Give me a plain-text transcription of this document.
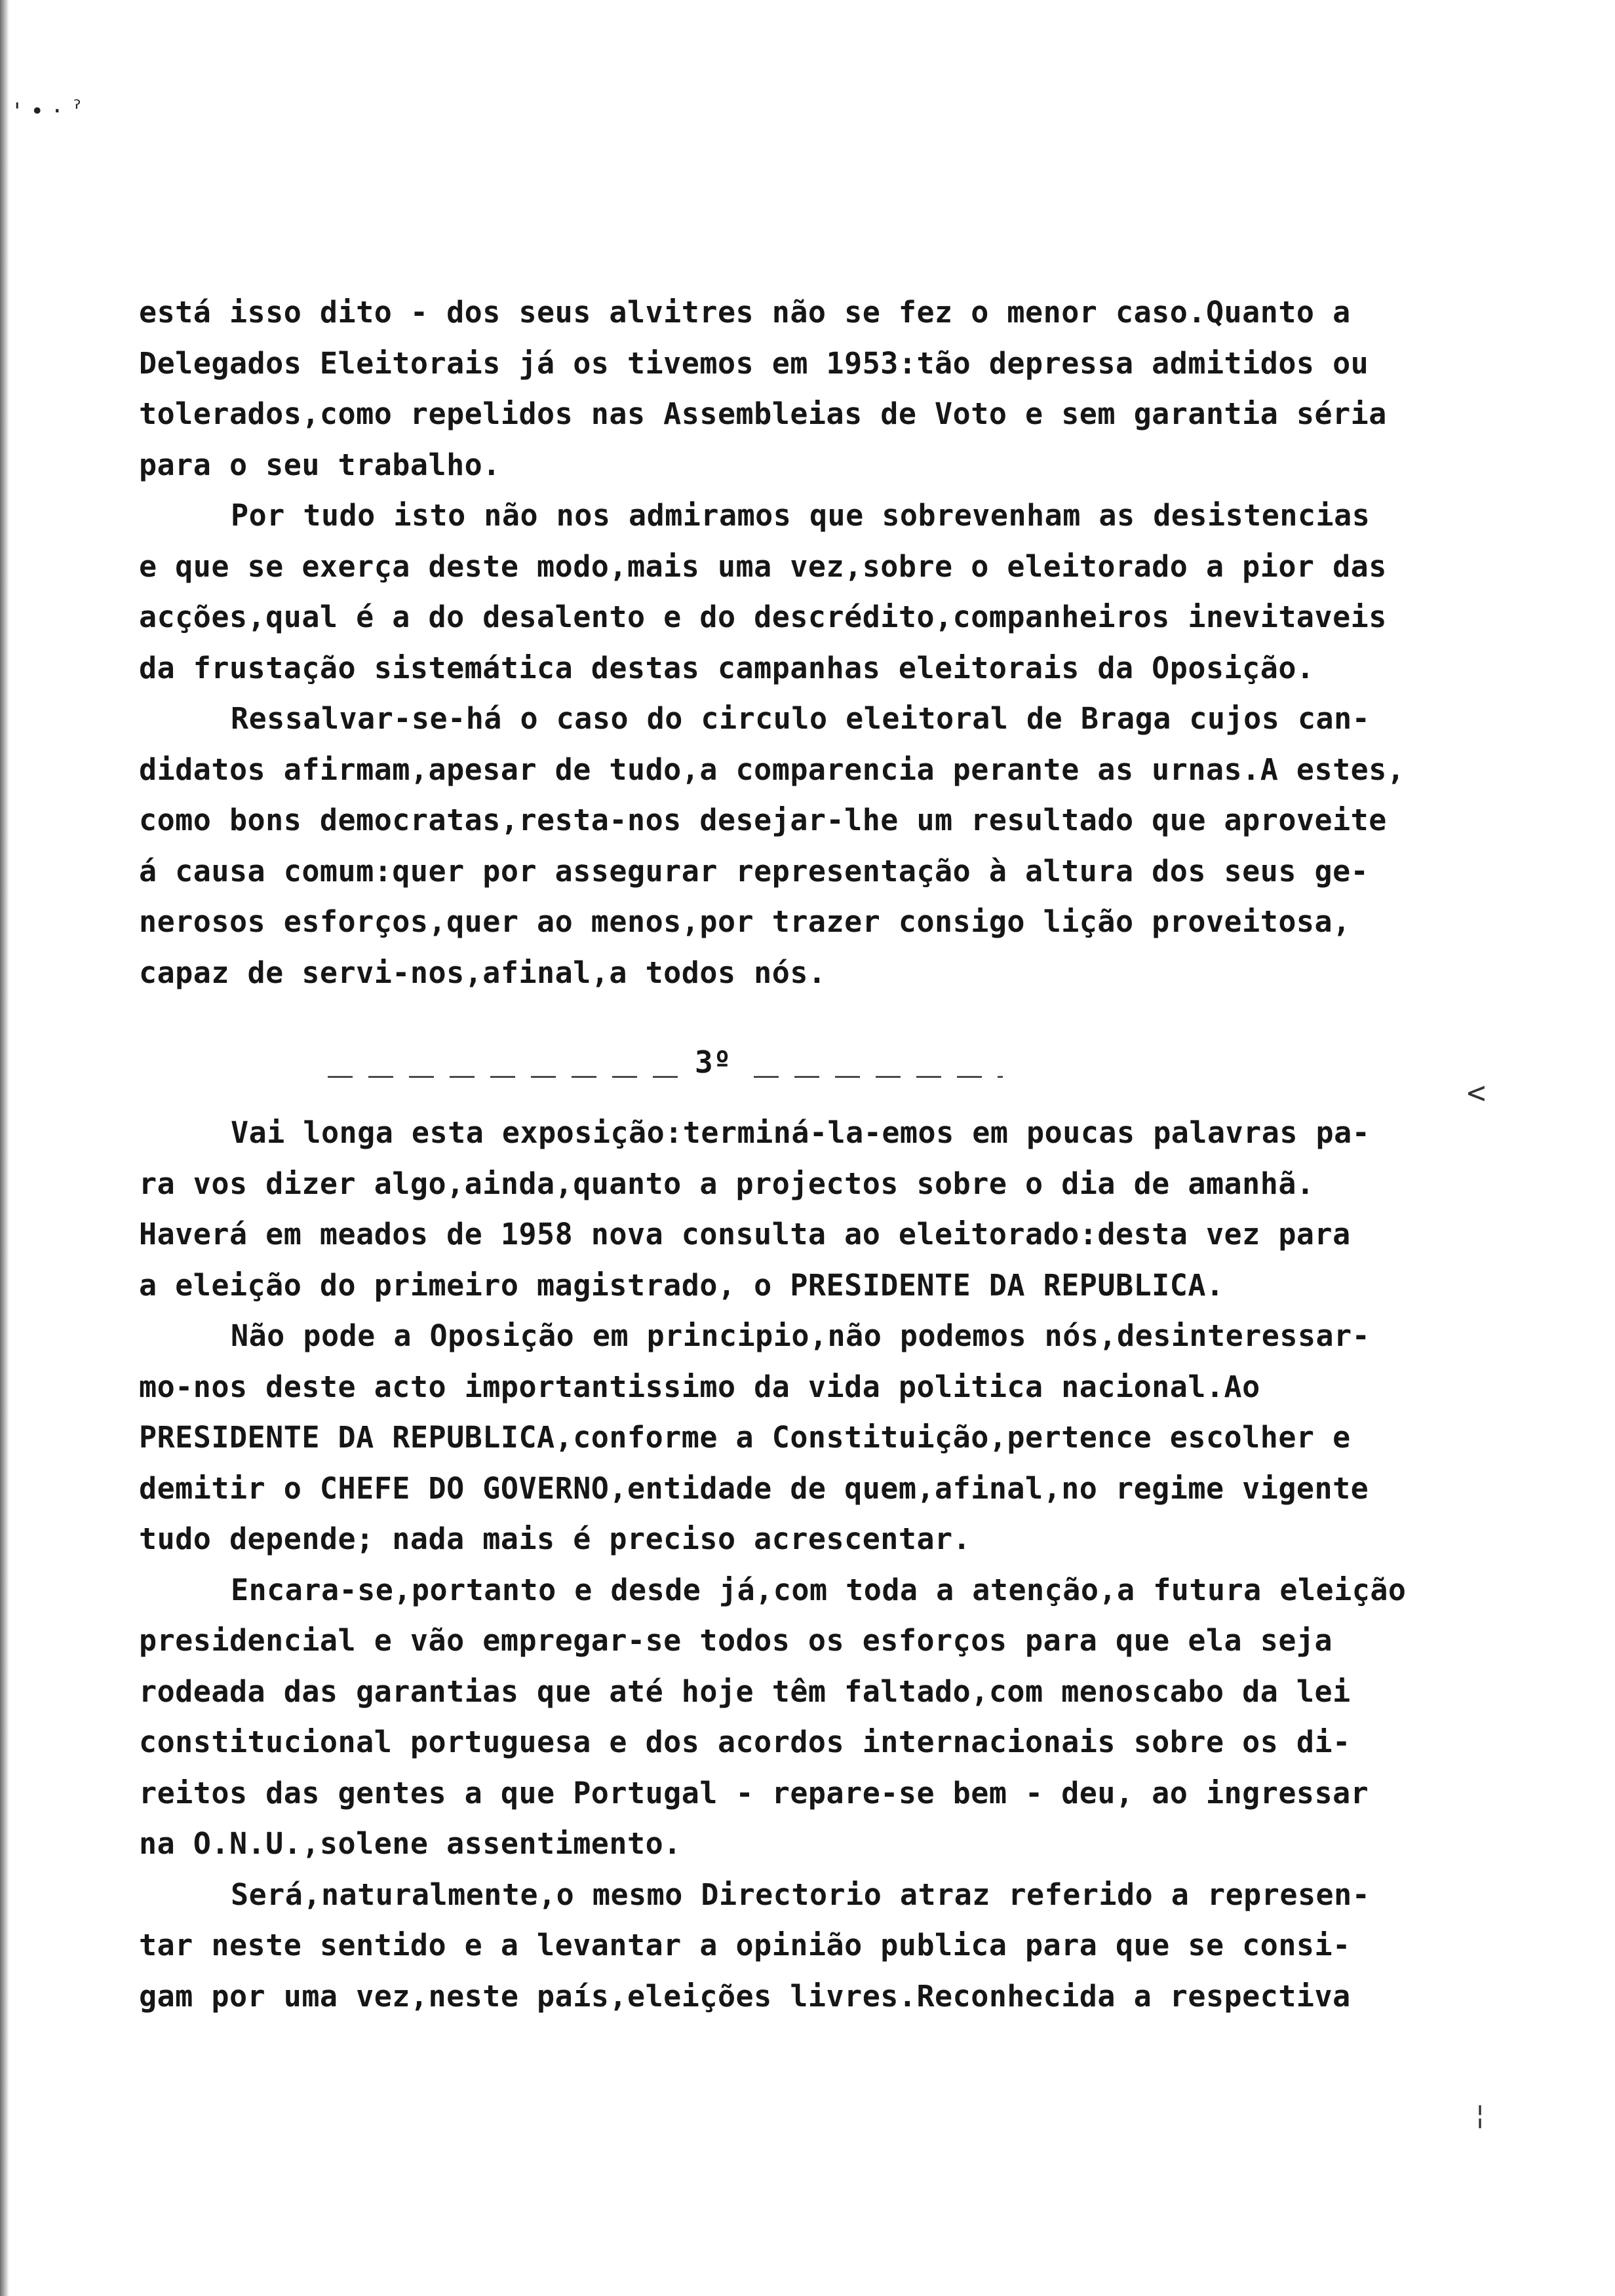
'•·ˀ
está isso dito - dos seus alvitres não se fez o menor caso.Quanto a
Delegados Eleitorais já os tivemos em 1953:tão depressa admitidos ou
tolerados,como repelidos nas Assembleias de Voto e sem garantia séria
para o seu trabalho.
Por tudo isto não nos admiramos que sobrevenham as desistencias
e que se exerça deste modo,mais uma vez,sobre o eleitorado a pior das
acções,qual é a do desalento e do descrédito,companheiros inevitaveis
da frustação sistemática destas campanhas eleitorais da Oposição.
Ressalvar-se-há o caso do circulo eleitoral de Braga cujos can-
didatos afirmam,apesar de tudo,a comparencia perante as urnas.A estes,
como bons democratas,resta-nos desejar-lhe um resultado que aproveite
á causa comum:quer por assegurar representação à altura dos seus ge-
nerosos esforços,quer ao menos,por trazer consigo lição proveitosa,
capaz de servi-nos,afinal,a todos nós.
3º
Vai longa esta exposição:terminá-la-emos em poucas palavras pa-
ra vos dizer algo,ainda,quanto a projectos sobre o dia de amanhã.
Haverá em meados de 1958 nova consulta ao eleitorado:desta vez para
a eleição do primeiro magistrado, o PRESIDENTE DA REPUBLICA.
Não pode a Oposição em principio,não podemos nós,desinteressar-
mo-nos deste acto importantissimo da vida politica nacional.Ao
PRESIDENTE DA REPUBLICA,conforme a Constituição,pertence escolher e
demitir o CHEFE DO GOVERNO,entidade de quem,afinal,no regime vigente
tudo depende; nada mais é preciso acrescentar.
Encara-se,portanto e desde já,com toda a atenção,a futura eleição
presidencial e vão empregar-se todos os esforços para que ela seja
rodeada das garantias que até hoje têm faltado,com menoscabo da lei
constitucional portuguesa e dos acordos internacionais sobre os di-
reitos das gentes a que Portugal - repare-se bem - deu, ao ingressar
na O.N.U.,solene assentimento.
Será,naturalmente,o mesmo Directorio atraz referido a represen-
tar neste sentido e a levantar a opinião publica para que se consi-
gam por uma vez,neste país,eleições livres.Reconhecida a respectiva
<
¦
